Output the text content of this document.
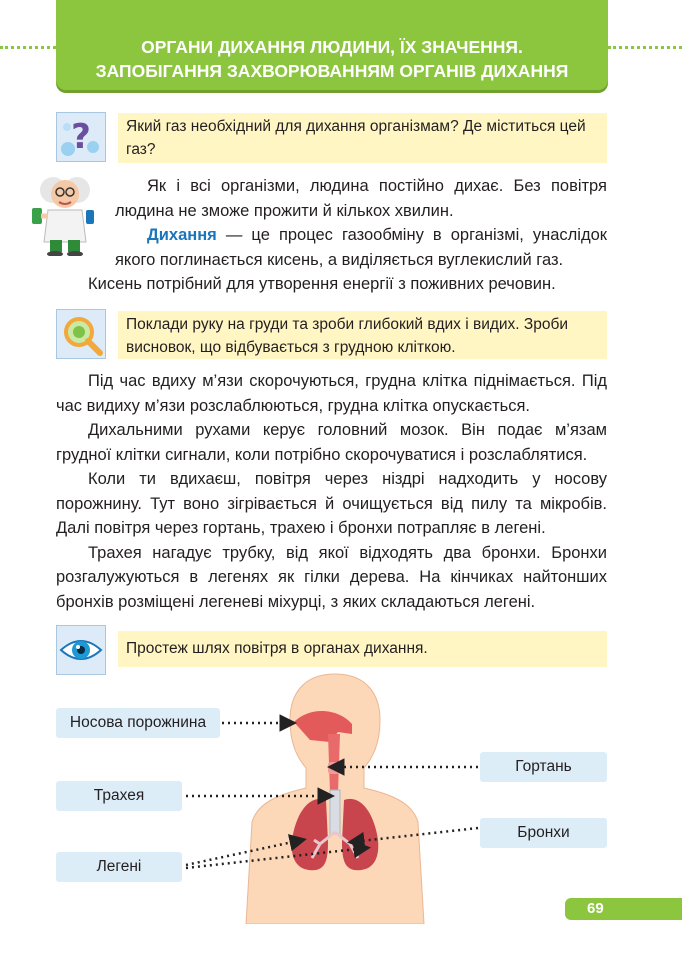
ОРГАНИ ДИХАННЯ ЛЮДИНИ, ЇХ ЗНАЧЕННЯ.
ЗАПОБІГАННЯ ЗАХВОРЮВАННЯМ ОРГАНІВ ДИХАННЯ
?	Який газ необхідний для дихання організмам? Де міститься цей газ?

Як і всі організми, людина постійно дихає. Без повітря людина не зможе прожити й кількох хвилин.

Дихання — це процес газообміну в організмі, унаслідок якого поглинається кисень, а виділяється вуглекислий газ.
Кисень потрібний для утворення енергії з поживних речовин.
Поклади руку на груди та зроби глибокий вдих і видих. Зроби висновок, що відбувається з грудною кліткою.

Під час вдиху м’язи скорочуються, грудна клітка піднімається. Під час видиху м’язи розслаблюються, грудна клітка опускається.

Дихальними рухами керує головний мозок. Він подає м’язам грудної клітки сигнали, коли потрібно скорочуватися і розслаблятися.

Коли ти вдихаєш, повітря через ніздрі надходить у носову порожнину. Тут воно зігрівається й очищується від пилу та мікробів. Далі повітря через гортань, трахею і бронхи потрапляє в легені.

Трахея нагадує трубку, від якої відходять два бронхи. Бронхи розгалужуються в легенях як гілки дерева. На кінчиках найтонших бронхів розміщені легеневі міхурці, з яких складаються легені.

Простеж шлях повітря в органах дихання.
Носова порожнина
Гортань
Трахея
Бронхи
Легені
69
